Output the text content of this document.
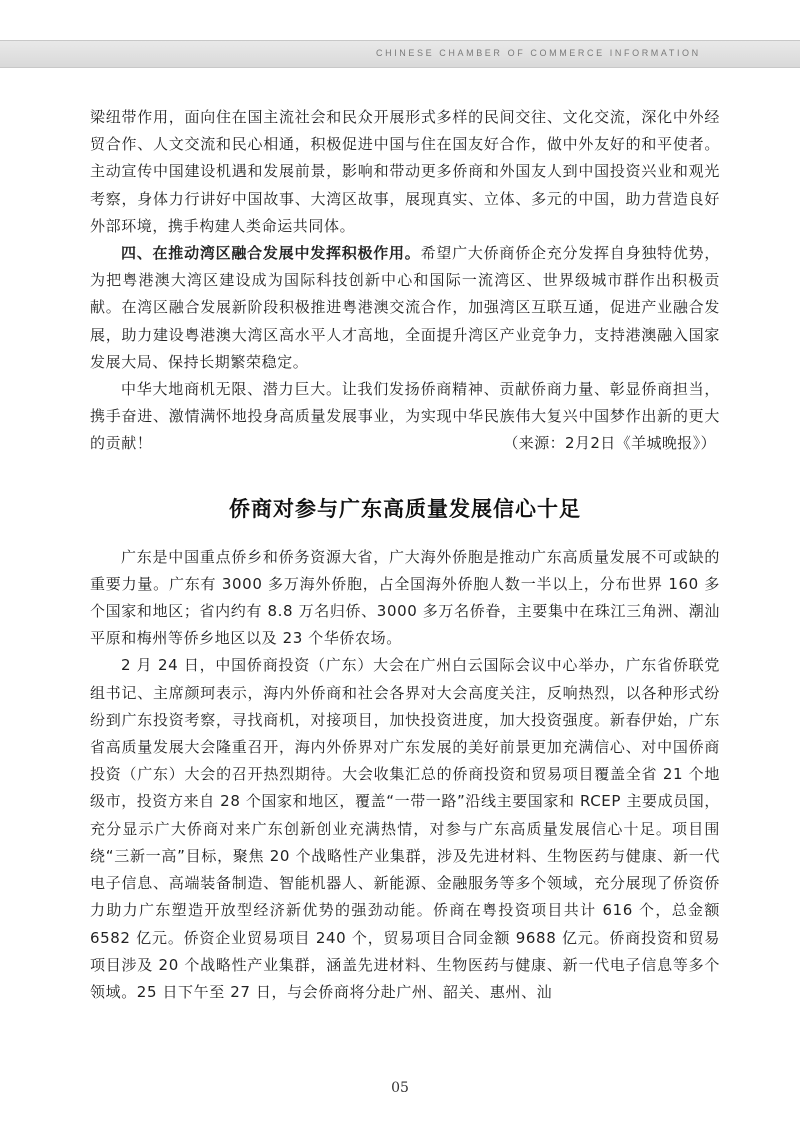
CHINESE CHAMBER OF COMMERCE INFORMATION

梁纽带作用，面向住在国主流社会和民众开展形式多样的民间交往、文化交流，深化中外经贸合作、人文交流和民心相通，积极促进中国与住在国友好合作，做中外友好的和平使者。主动宣传中国建设机遇和发展前景，影响和带动更多侨商和外国友人到中国投资兴业和观光考察，身体力行讲好中国故事、大湾区故事，展现真实、立体、多元的中国，助力营造良好外部环境，携手构建人类命运共同体。

四、在推动湾区融合发展中发挥积极作用。希望广大侨商侨企充分发挥自身独特优势，为把粤港澳大湾区建设成为国际科技创新中心和国际一流湾区、世界级城市群作出积极贡献。在湾区融合发展新阶段积极推进粤港澳交流合作，加强湾区互联互通，促进产业融合发展，助力建设粤港澳大湾区高水平人才高地，全面提升湾区产业竞争力，支持港澳融入国家发展大局、保持长期繁荣稳定。

中华大地商机无限、潜力巨大。让我们发扬侨商精神、贡献侨商力量、彰显侨商担当，携手奋进、激情满怀地投身高质量发展事业，为实现中华民族伟大复兴中国梦作出新的更大的贡献！	（来源：2月2日《羊城晚报》）
侨商对参与广东高质量发展信心十足

广东是中国重点侨乡和侨务资源大省，广大海外侨胞是推动广东高质量发展不可或缺的重要力量。广东有 3000 多万海外侨胞，占全国海外侨胞人数一半以上，分布世界 160 多个国家和地区；省内约有 8.8 万名归侨、3000 多万名侨眷，主要集中在珠江三角洲、潮汕平原和梅州等侨乡地区以及 23 个华侨农场。

2 月 24 日，中国侨商投资（广东）大会在广州白云国际会议中心举办，广东省侨联党组书记、主席颜珂表示，海内外侨商和社会各界对大会高度关注，反响热烈，以各种形式纷纷到广东投资考察，寻找商机，对接项目，加快投资进度，加大投资强度。新春伊始，广东省高质量发展大会隆重召开，海内外侨界对广东发展的美好前景更加充满信心、对中国侨商投资（广东）大会的召开热烈期待。大会收集汇总的侨商投资和贸易项目覆盖全省 21 个地级市，投资方来自 28 个国家和地区，覆盖“一带一路”沿线主要国家和 RCEP 主要成员国，充分显示广大侨商对来广东创新创业充满热情，对参与广东高质量发展信心十足。项目围绕“三新一高”目标，聚焦 20 个战略性产业集群，涉及先进材料、生物医药与健康、新一代电子信息、高端装备制造、智能机器人、新能源、金融服务等多个领域，充分展现了侨资侨力助力广东塑造开放型经济新优势的强劲动能。侨商在粤投资项目共计 616 个，总金额 6582 亿元。侨资企业贸易项目 240 个，贸易项目合同金额 9688 亿元。侨商投资和贸易项目涉及 20 个战略性产业集群，涵盖先进材料、生物医药与健康、新一代电子信息等多个领域。25 日下午至 27 日，与会侨商将分赴广州、韶关、惠州、汕

05
